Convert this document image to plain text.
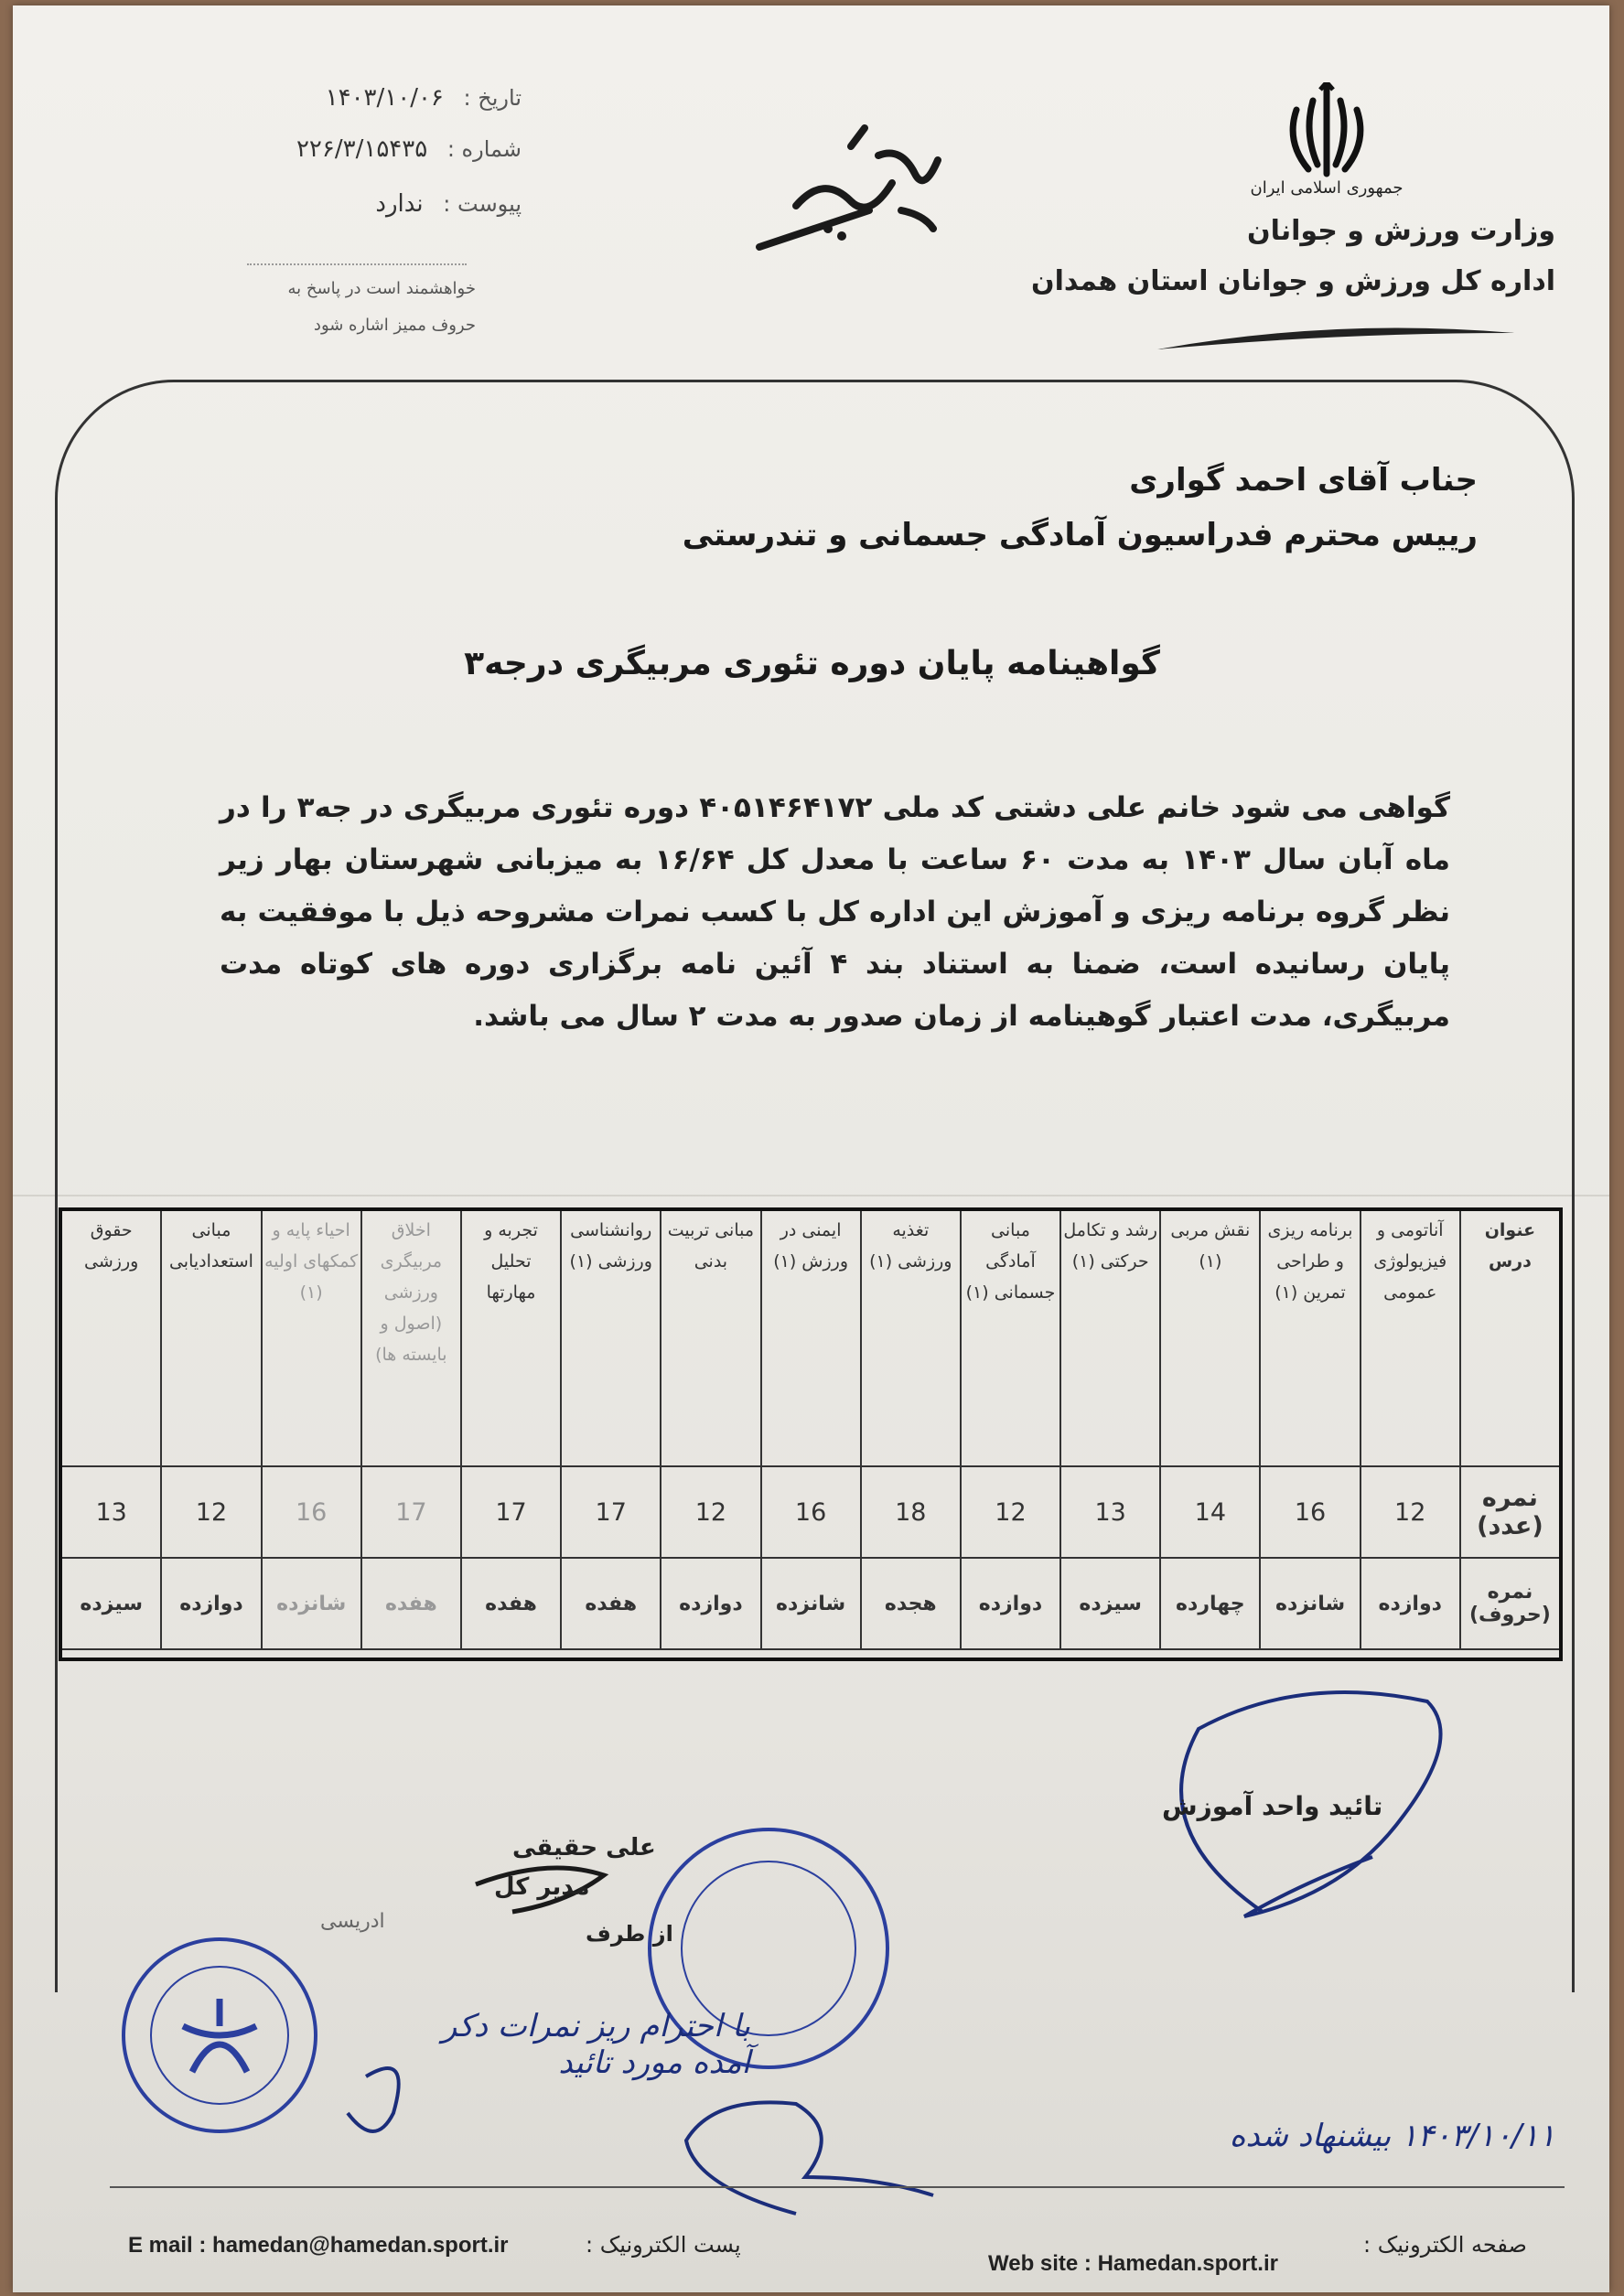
جمهوری اسلامی ایران
وزارت ورزش و جوانان
اداره کل ورزش و جوانان استان همدان
تاریخ : ۱۴۰۳/۱۰/۰۶
شماره : ۲۲۶/۳/۱۵۴۳۵
پیوست : ندارد
خواهشمند است در پاسخ به حروف ممیز اشاره شود
جناب آقای احمد گواری
رییس محترم فدراسیون آمادگی جسمانی و تندرستی
گواهینامه پایان دوره تئوری مربیگری درجه۳
گواهی می شود خانم علی دشتی کد ملی ۴۰۵۱۴۶۴۱۷۲ دوره تئوری مربیگری در جه۳ را در ماه آبان سال ۱۴۰۳ به مدت ۶۰ ساعت با معدل کل ۱۶/۶۴ به میزبانی شهرستان بهار زیر نظر گروه برنامه ریزی و آموزش این اداره کل با کسب نمرات مشروحه ذیل با موفقیت به پایان رسانیده است، ضمنا به استناد بند ۴ آئین نامه برگزاری دوره های کوتاه مدت مربیگری، مدت اعتبار گوهینامه از زمان صدور به مدت ۲ سال می باشد.
عنوان درس	آناتومی و فیزیولوژی عمومی	برنامه ریزی و طراحی تمرین (۱)	نقش مربی (۱)	رشد و تکامل حرکتی (۱)	مبانی آمادگی جسمانی (۱)	تغذیه ورزشی (۱)	ایمنی در ورزش (۱)	مبانی تربیت بدنی	روانشناسی ورزشی (۱)	تجربه و تحلیل مهارتها	اخلاق مربیگری ورزشی (اصول و بایسته ها)	احیاء پایه و کمکهای اولیه (۱)	مبانی استعدادیابی	حقوق ورزشی
نمره (عدد)	12	16	14	13	12	18	16	12	17	17	17	16	12	13
نمره (حروف)	دوازده	شانزده	چهارده	سیزده	دوازده	هجده	شانزده	دوازده	هفده	هفده	هفده	شانزده	دوازده	سیزده
تائید واحد آموزش
علی حقیقی
مدیر کل
از طرف
ادریسی
با احترام ریز نمرات دکر آمده مورد تائید
۱۴۰۳/۱۰/۱۱ بیشنهاد شده
صفحه الکترونیک :
Web site : Hamedan.sport.ir
پست الکترونیک :
E mail : hamedan@hamedan.sport.ir
